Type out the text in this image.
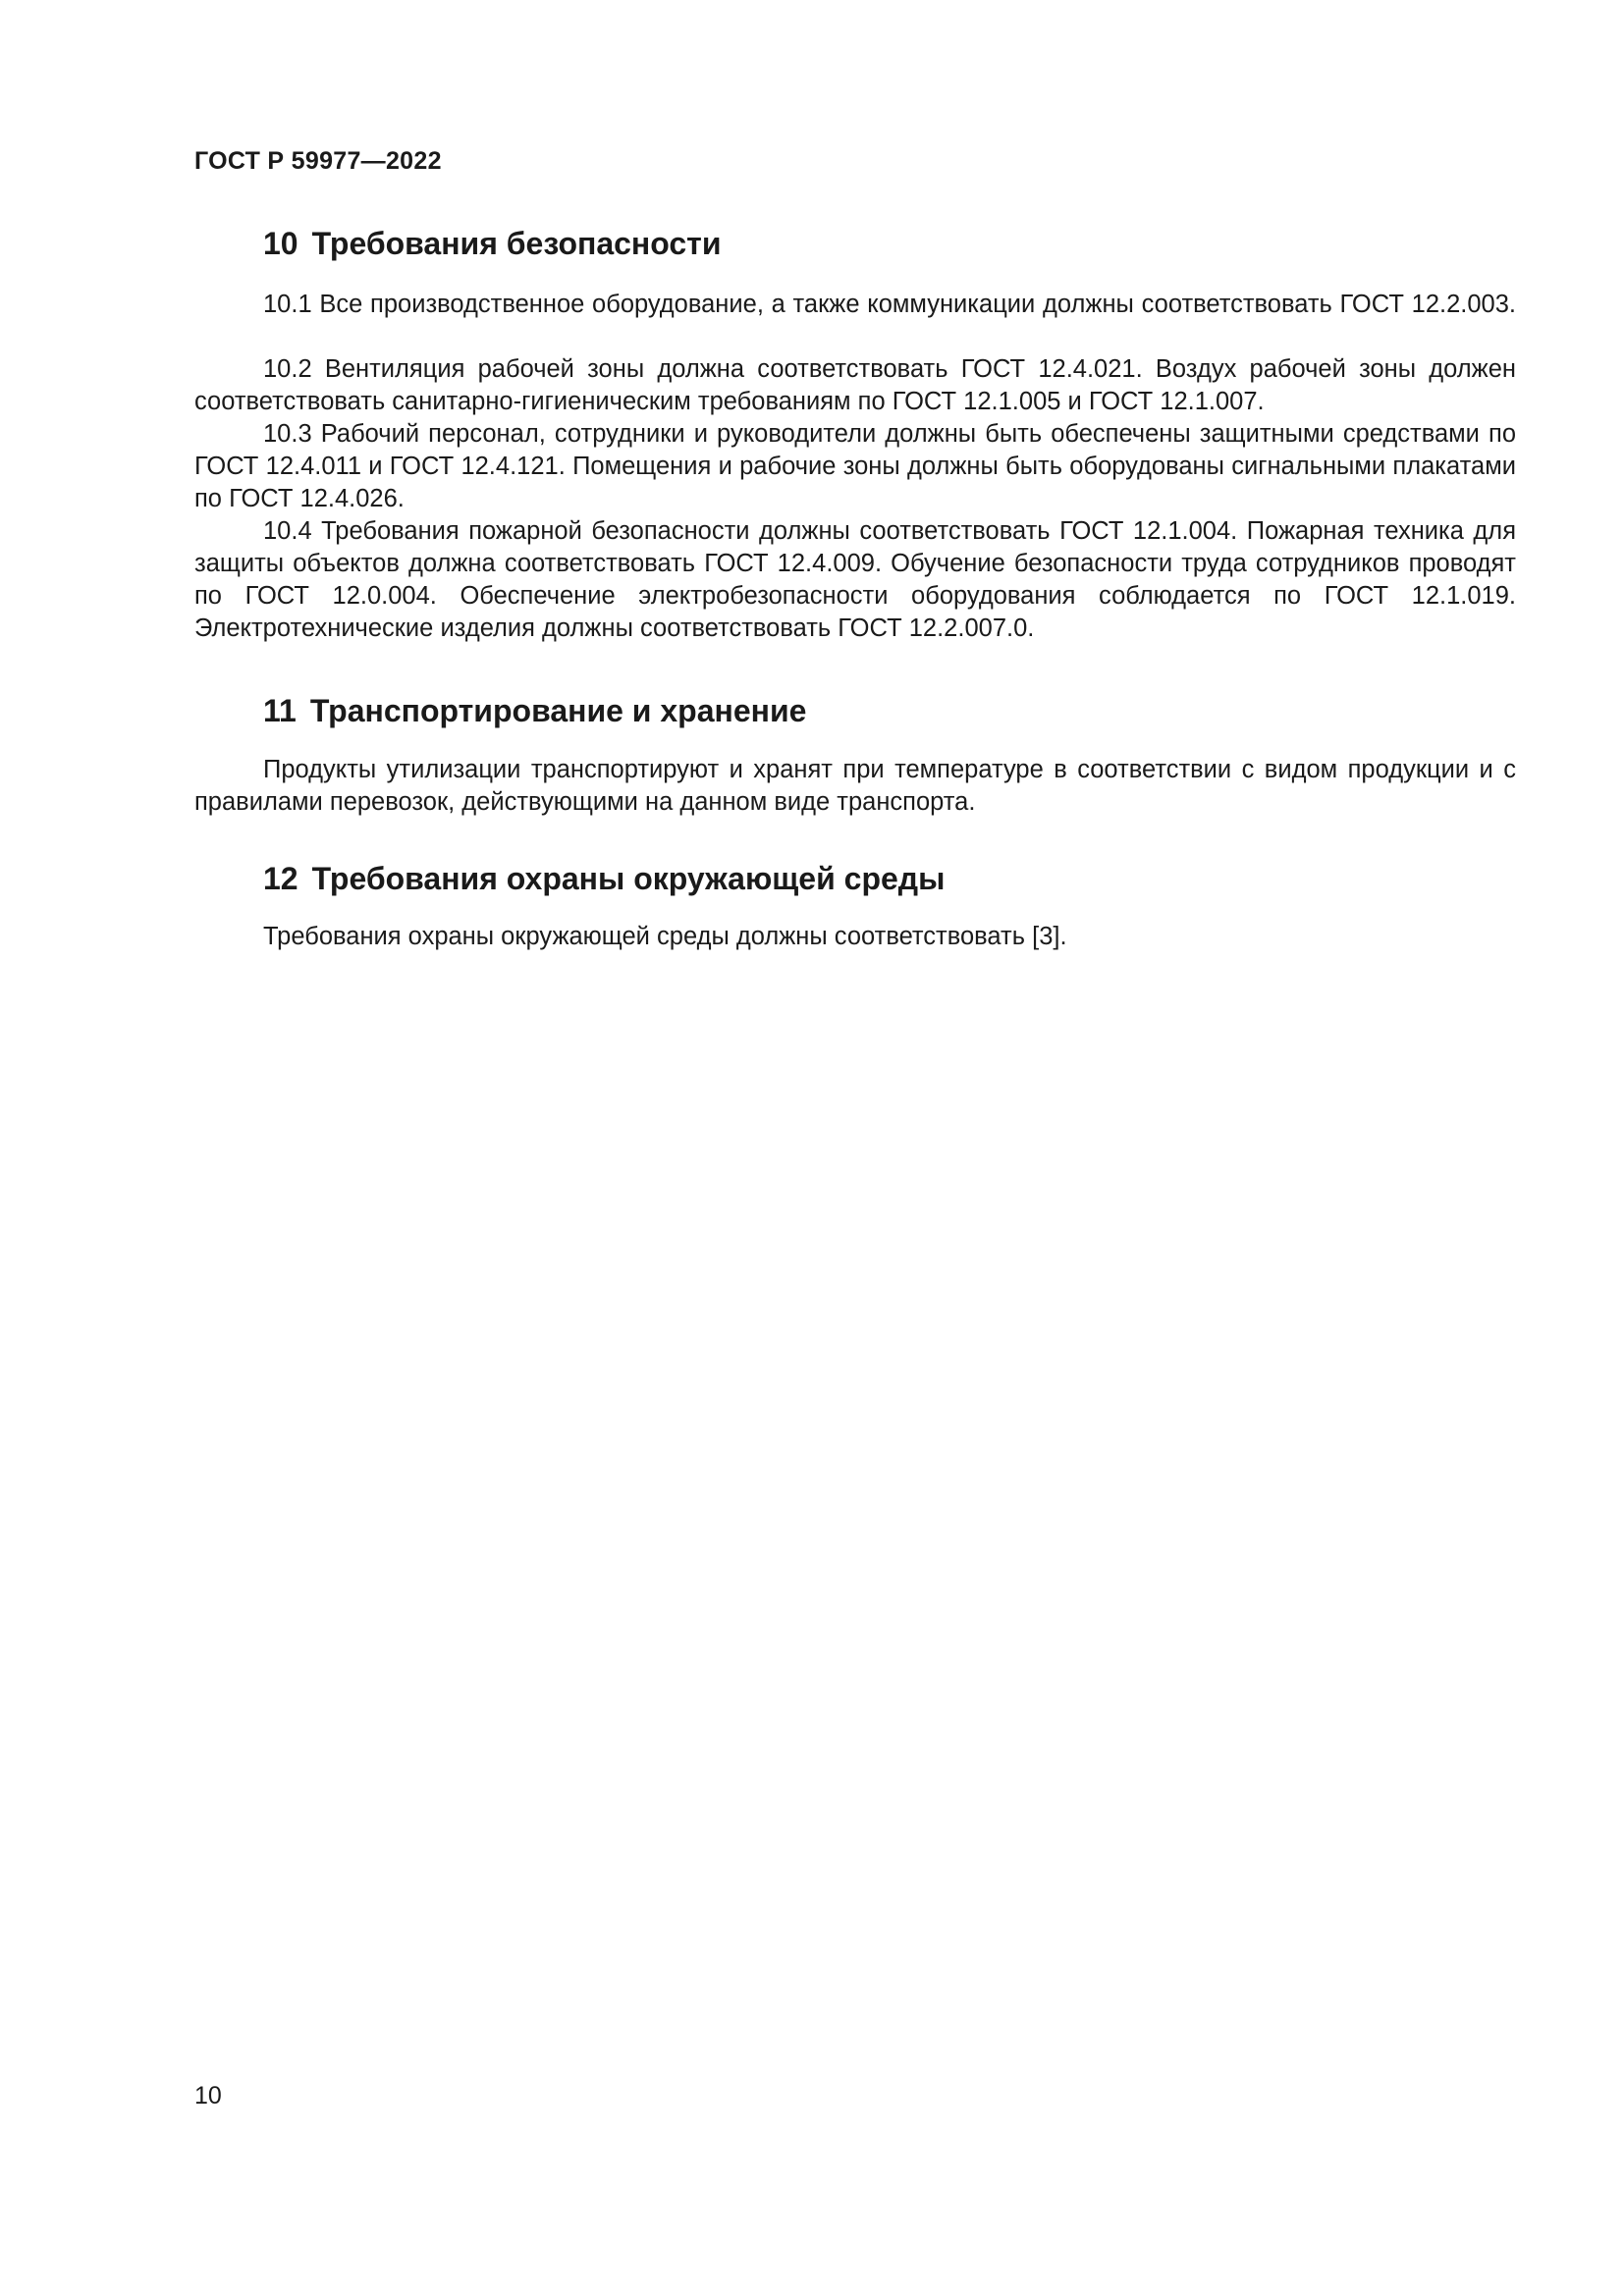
ГОСТ Р 59977—2022
10 Требования безопасности

10.1 Все производственное оборудование, а также коммуникации должны соответствовать ГОСТ 12.2.003.

10.2 Вентиляция рабочей зоны должна соответствовать ГОСТ 12.4.021. Воздух рабочей зоны должен соответствовать санитарно-гигиеническим требованиям по ГОСТ 12.1.005 и ГОСТ 12.1.007.

10.3 Рабочий персонал, сотрудники и руководители должны быть обеспечены защитными средствами по ГОСТ 12.4.011 и ГОСТ 12.4.121. Помещения и рабочие зоны должны быть оборудованы сигнальными плакатами по ГОСТ 12.4.026.

10.4 Требования пожарной безопасности должны соответствовать ГОСТ 12.1.004. Пожарная техника для защиты объектов должна соответствовать ГОСТ 12.4.009. Обучение безопасности труда сотрудников проводят по ГОСТ 12.0.004. Обеспечение электробезопасности оборудования соблюдается по ГОСТ 12.1.019. Электротехнические изделия должны соответствовать ГОСТ 12.2.007.0.

11 Транспортирование и хранение

Продукты утилизации транспортируют и хранят при температуре в соответствии с видом продукции и с правилами перевозок, действующими на данном виде транспорта.

12 Требования охраны окружающей среды

Требования охраны окружающей среды должны соответствовать [3].

10
